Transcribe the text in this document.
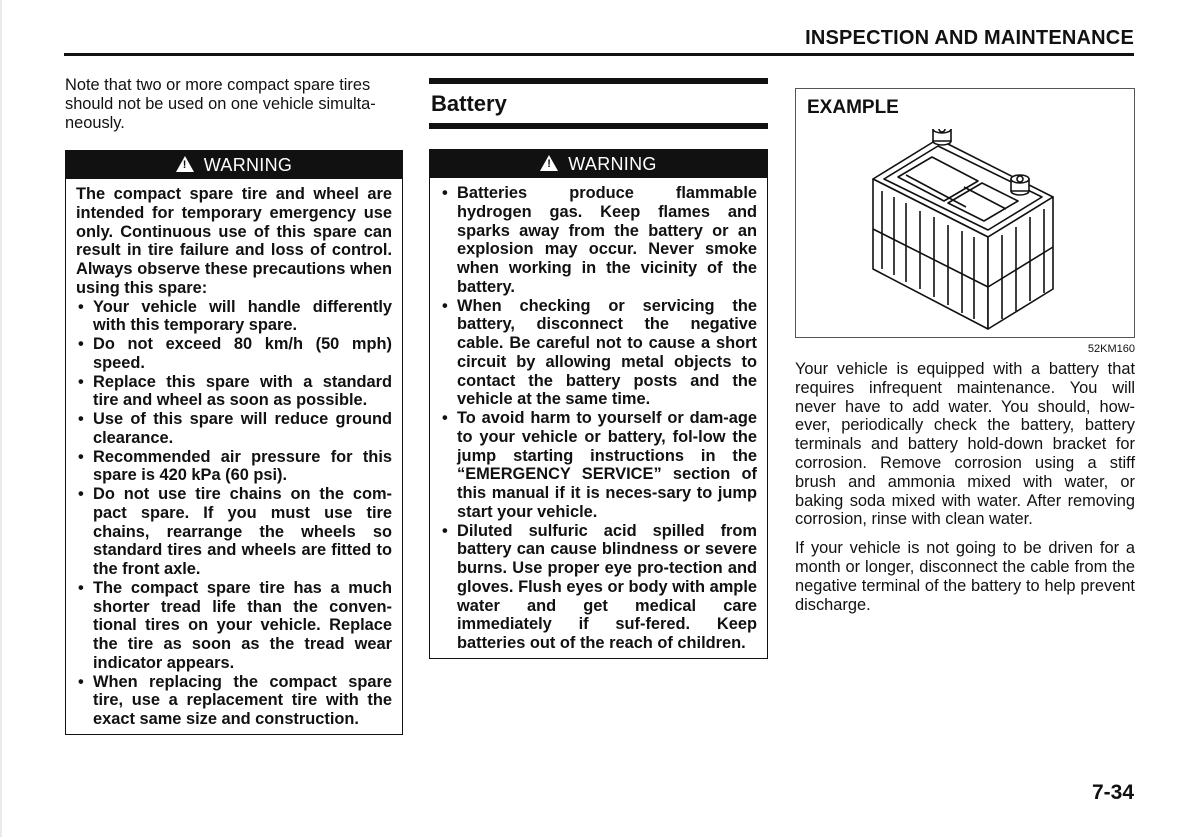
INSPECTION AND MAINTENANCE

Note that two or more compact spare tires should not be used on one vehicle simulta-neously.

! WARNING

The compact spare tire and wheel are intended for temporary emergency use only. Continuous use of this spare can result in tire failure and loss of control. Always observe these precautions when using this spare:

• Your vehicle will handle differently with this temporary spare.
• Do not exceed 80 km/h (50 mph) speed.
• Replace this spare with a standard tire and wheel as soon as possible.
• Use of this spare will reduce ground clearance.
• Recommended air pressure for this spare is 420 kPa (60 psi).
• Do not use tire chains on the com-pact spare. If you must use tire chains, rearrange the wheels so standard tires and wheels are fitted to the front axle.
• The compact spare tire has a much shorter tread life than the conven-tional tires on your vehicle. Replace the tire as soon as the tread wear indicator appears.
• When replacing the compact spare tire, use a replacement tire with the exact same size and construction.
Battery
! WARNING
• Batteries produce flammable hydrogen gas. Keep flames and sparks away from the battery or an explosion may occur. Never smoke when working in the vicinity of the battery.
• When checking or servicing the battery, disconnect the negative cable. Be careful not to cause a short circuit by allowing metal objects to contact the battery posts and the vehicle at the same time.
• To avoid harm to yourself or dam-age to your vehicle or battery, fol-low the jump starting instructions in the “EMERGENCY SERVICE” section of this manual if it is neces-sary to jump start your vehicle.
• Diluted sulfuric acid spilled from battery can cause blindness or severe burns. Use proper eye pro-tection and gloves. Flush eyes or body with ample water and get medical care immediately if suf-fered. Keep batteries out of the reach of children.
EXAMPLE
52KM160

Your vehicle is equipped with a battery that requires infrequent maintenance. You will never have to add water. You should, how-ever, periodically check the battery, battery terminals and battery hold-down bracket for corrosion. Remove corrosion using a stiff brush and ammonia mixed with water, or baking soda mixed with water. After removing corrosion, rinse with clean water.

If your vehicle is not going to be driven for a month or longer, disconnect the cable from the negative terminal of the battery to help prevent discharge.

7-34
